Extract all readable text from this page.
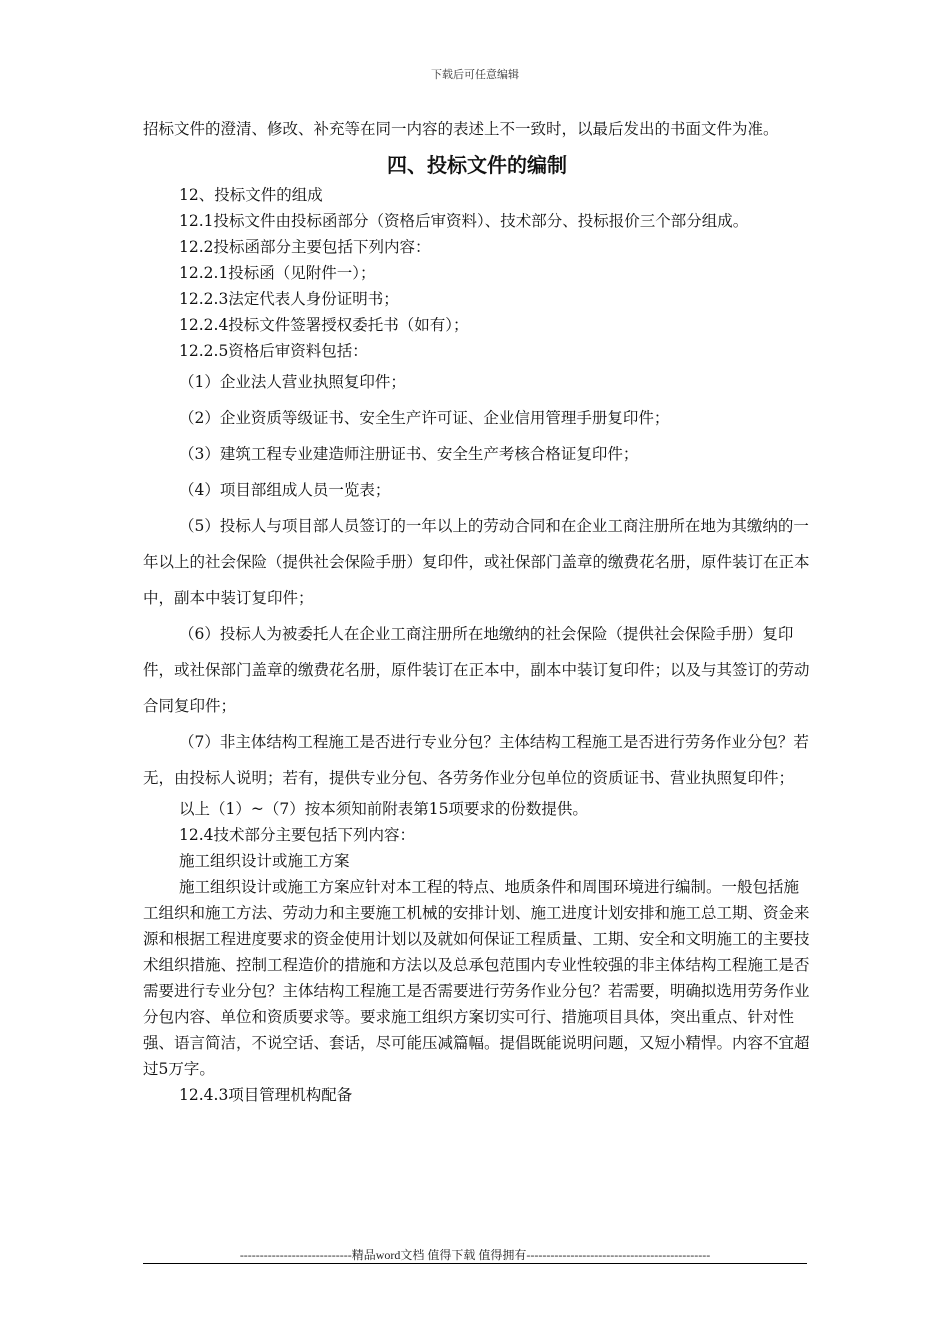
下载后可任意编辑

招标文件的澄清、修改、补充等在同一内容的表述上不一致时，以最后发出的书面文件为准。

四、投标文件的编制

12、投标文件的组成

12.1投标文件由投标函部分（资格后审资料）、技术部分、投标报价三个部分组成。

12.2投标函部分主要包括下列内容：

12.2.1投标函（见附件一）；

12.2.3法定代表人身份证明书；

12.2.4投标文件签署授权委托书（如有）；

12.2.5资格后审资料包括：

（1）企业法人营业执照复印件；

（2）企业资质等级证书、安全生产许可证、企业信用管理手册复印件；

（3）建筑工程专业建造师注册证书、安全生产考核合格证复印件；

（4）项目部组成人员一览表；

（5）投标人与项目部人员签订的一年以上的劳动合同和在企业工商注册所在地为其缴纳的一年以上的社会保险（提供社会保险手册）复印件，或社保部门盖章的缴费花名册，原件装订在正本中，副本中装订复印件；

（6）投标人为被委托人在企业工商注册所在地缴纳的社会保险（提供社会保险手册）复印件，或社保部门盖章的缴费花名册，原件装订在正本中，副本中装订复印件；以及与其签订的劳动合同复印件；

（7）非主体结构工程施工是否进行专业分包？主体结构工程施工是否进行劳务作业分包？若无，由投标人说明；若有，提供专业分包、各劳务作业分包单位的资质证书、营业执照复印件；

以上（1）~（7）按本须知前附表第15项要求的份数提供。

12.4技术部分主要包括下列内容：

施工组织设计或施工方案

施工组织设计或施工方案应针对本工程的特点、地质条件和周围环境进行编制。一般包括施工组织和施工方法、劳动力和主要施工机械的安排计划、施工进度计划安排和施工总工期、资金来源和根据工程进度要求的资金使用计划以及就如何保证工程质量、工期、安全和文明施工的主要技术组织措施、控制工程造价的措施和方法以及总承包范围内专业性较强的非主体结构工程施工是否需要进行专业分包？主体结构工程施工是否需要进行劳务作业分包？若需要，明确拟选用劳务作业分包内容、单位和资质要求等。要求施工组织方案切实可行、措施项目具体，突出重点、针对性强、语言简洁，不说空话、套话，尽可能压减篇幅。提倡既能说明问题，又短小精悍。内容不宜超过5万字。

12.4.3项目管理机构配备

----------------------------精品word文档 值得下载 值得拥有----------------------------------------------
